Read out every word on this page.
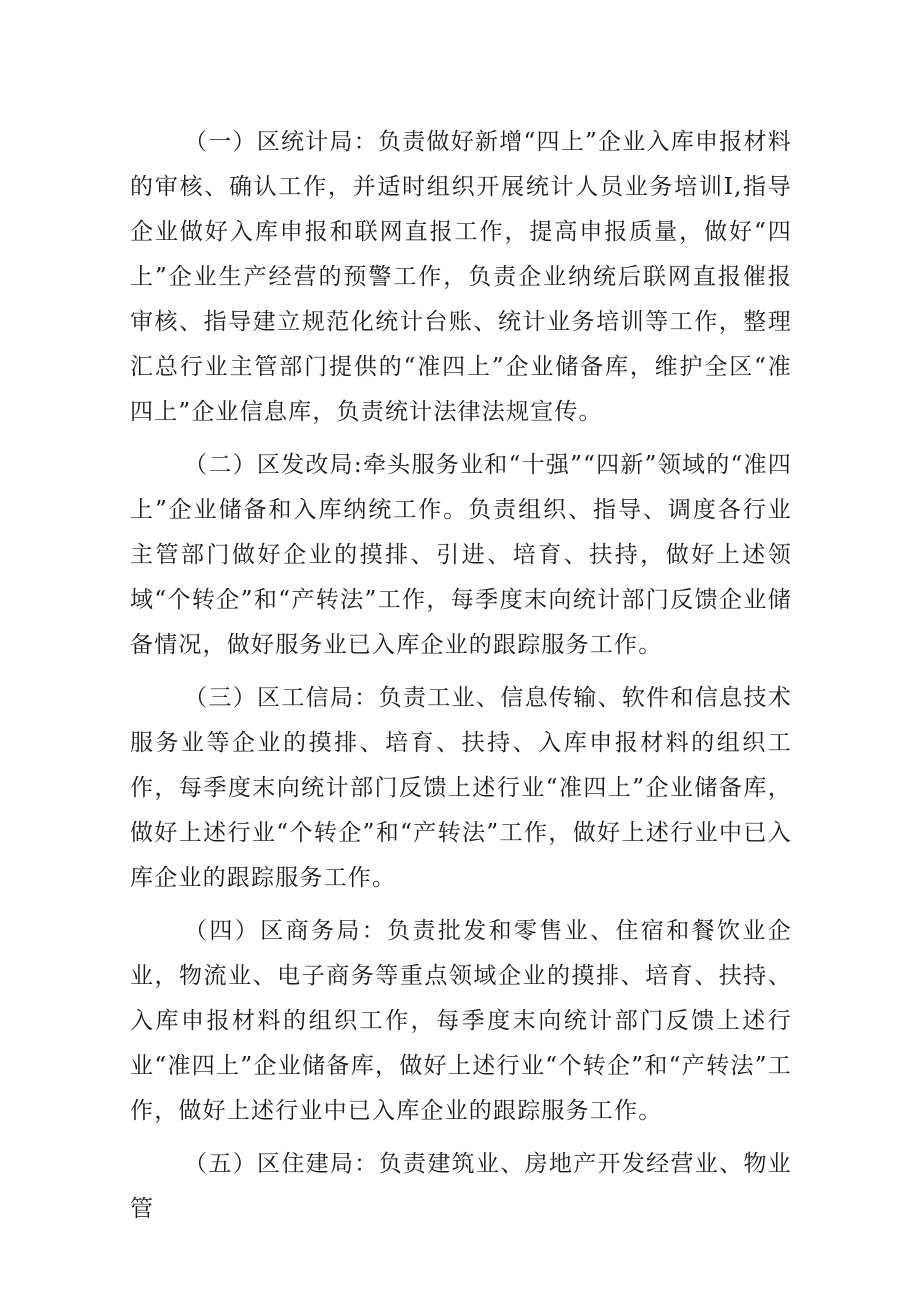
（一）区统计局：负责做好新增“四上”企业入库申报材料的审核、确认工作，并适时组织开展统计人员业务培训I,指导企业做好入库申报和联网直报工作，提高申报质量，做好“四上”企业生产经营的预警工作，负责企业纳统后联网直报催报审核、指导建立规范化统计台账、统计业务培训等工作，整理汇总行业主管部门提供的“准四上”企业储备库，维护全区“准四上”企业信息库，负责统计法律法规宣传。

（二）区发改局:牵头服务业和“十强”“四新”领域的“准四上”企业储备和入库纳统工作。负责组织、指导、调度各行业主管部门做好企业的摸排、引进、培育、扶持，做好上述领域“个转企”和“产转法”工作，每季度末向统计部门反馈企业储备情况，做好服务业已入库企业的跟踪服务工作。

（三）区工信局：负责工业、信息传输、软件和信息技术服务业等企业的摸排、培育、扶持、入库申报材料的组织工作，每季度末向统计部门反馈上述行业“准四上”企业储备库，做好上述行业“个转企”和“产转法”工作，做好上述行业中已入库企业的跟踪服务工作。

（四）区商务局：负责批发和零售业、住宿和餐饮业企业，物流业、电子商务等重点领域企业的摸排、培育、扶持、入库申报材料的组织工作，每季度末向统计部门反馈上述行业“准四上”企业储备库，做好上述行业“个转企”和“产转法”工作，做好上述行业中已入库企业的跟踪服务工作。

（五）区住建局：负责建筑业、房地产开发经营业、物业管
